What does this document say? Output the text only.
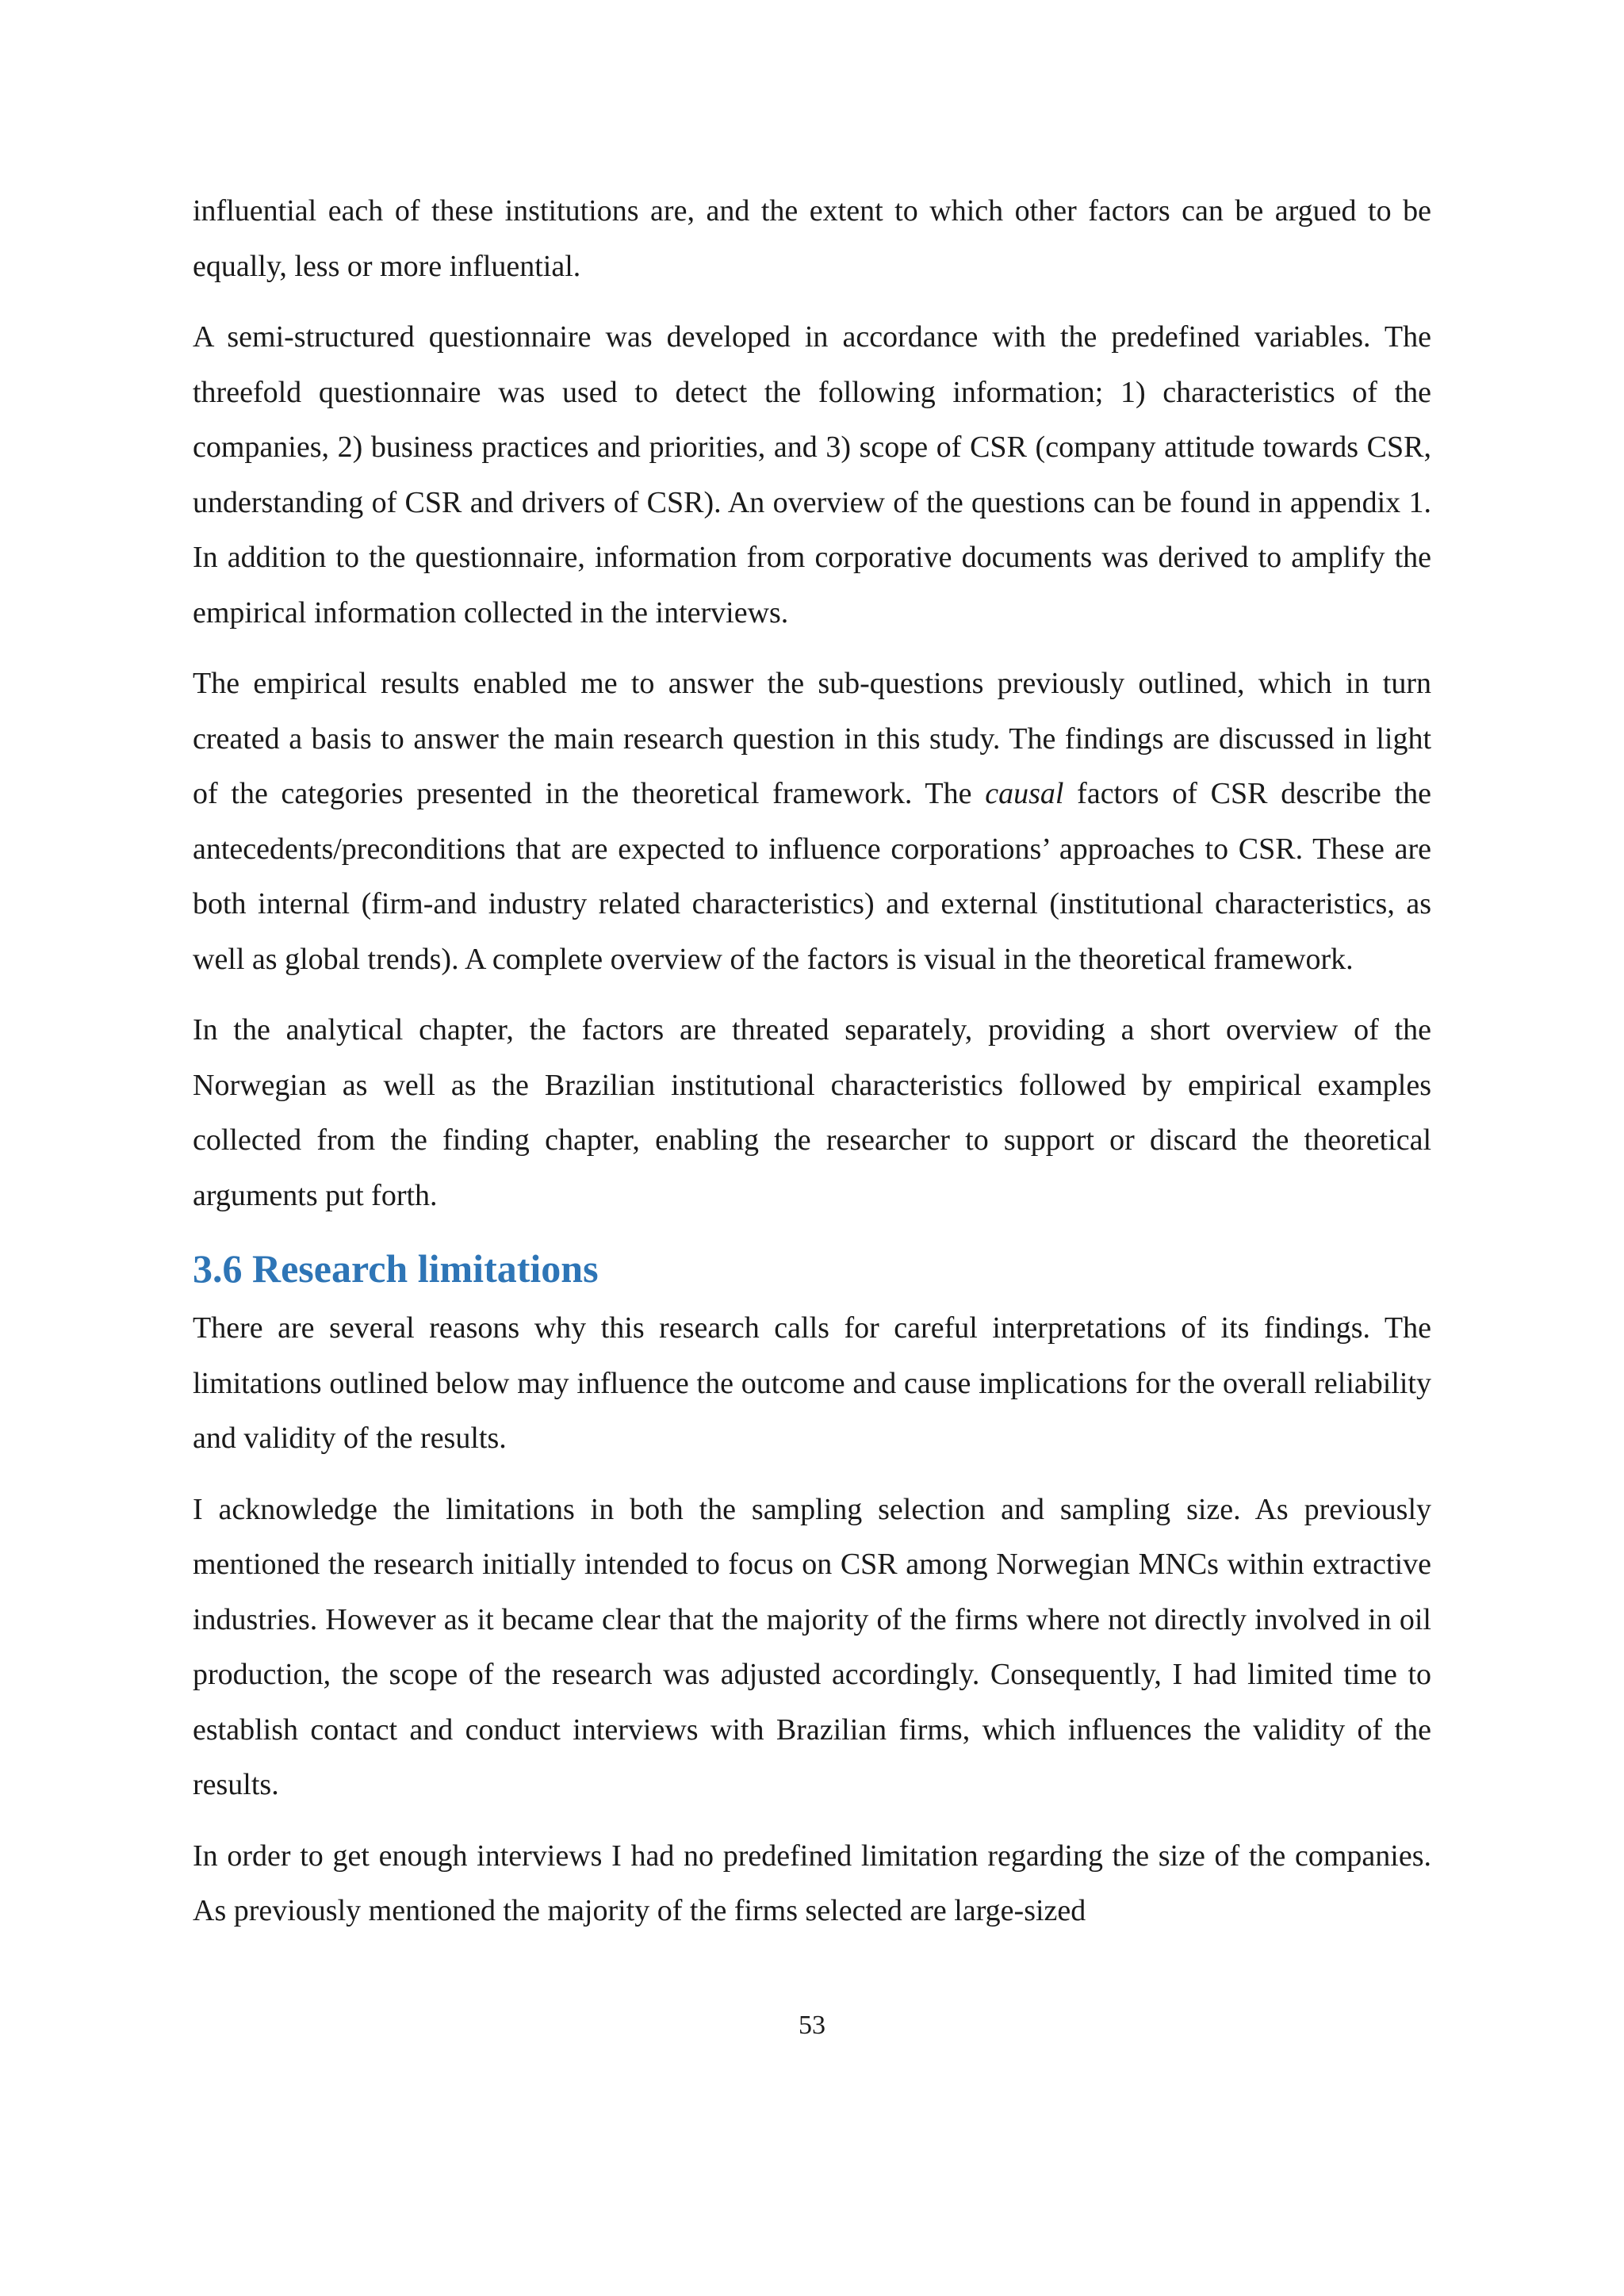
influential each of these institutions are, and the extent to which other factors can be argued to be equally, less or more influential.

A semi-structured questionnaire was developed in accordance with the predefined variables. The threefold questionnaire was used to detect the following information; 1) characteristics of the companies, 2) business practices and priorities, and 3) scope of CSR (company attitude towards CSR, understanding of CSR and drivers of CSR). An overview of the questions can be found in appendix 1. In addition to the questionnaire, information from corporative documents was derived to amplify the empirical information collected in the interviews.

The empirical results enabled me to answer the sub-questions previously outlined, which in turn created a basis to answer the main research question in this study. The findings are discussed in light of the categories presented in the theoretical framework. The causal factors of CSR describe the antecedents/preconditions that are expected to influence corporations’ approaches to CSR. These are both internal (firm-and industry related characteristics) and external (institutional characteristics, as well as global trends). A complete overview of the factors is visual in the theoretical framework.

In the analytical chapter, the factors are threated separately, providing a short overview of the Norwegian as well as the Brazilian institutional characteristics followed by empirical examples collected from the finding chapter, enabling the researcher to support or discard the theoretical arguments put forth.

3.6 Research limitations

There are several reasons why this research calls for careful interpretations of its findings. The limitations outlined below may influence the outcome and cause implications for the overall reliability and validity of the results.

I acknowledge the limitations in both the sampling selection and sampling size. As previously mentioned the research initially intended to focus on CSR among Norwegian MNCs within extractive industries. However as it became clear that the majority of the firms where not directly involved in oil production, the scope of the research was adjusted accordingly. Consequently, I had limited time to establish contact and conduct interviews with Brazilian firms, which influences the validity of the results.

In order to get enough interviews I had no predefined limitation regarding the size of the companies. As previously mentioned the majority of the firms selected are large-sized

53
